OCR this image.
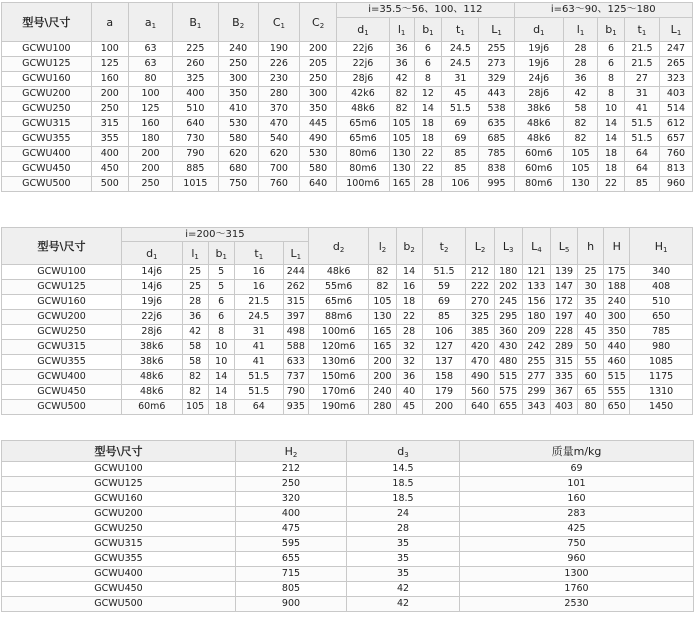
型号\尺寸	a	$a_1$	$B_1$	$B_2$	$C_1$	$C_2$	i=35.5～56、100、112					i=63～90、125～180				
							$d_1$	$l_1$	$b_1$	$t_1$	$L_1$	$d_1$	$l_1$	$b_1$	$t_1$	$L_1$
GCWU100	100	63	225	240	190	200	22j6	36	6	24.5	255	19j6	28	6	21.5	247
GCWU125	125	63	260	250	226	205	22j6	36	6	24.5	273	19j6	28	6	21.5	265
GCWU160	160	80	325	300	230	250	28j6	42	8	31	329	24j6	36	8	27	323
GCWU200	200	100	400	350	280	300	42k6	82	12	45	443	28j6	42	8	31	403
GCWU250	250	125	510	410	370	350	48k6	82	14	51.5	538	38k6	58	10	41	514
GCWU315	315	160	640	530	470	445	65m6	105	18	69	635	48k6	82	14	51.5	612
GCWU355	355	180	730	580	540	490	65m6	105	18	69	685	48k6	82	14	51.5	657
GCWU400	400	200	790	620	620	530	80m6	130	22	85	785	60m6	105	18	64	760
GCWU450	450	200	885	680	700	580	80m6	130	22	85	838	60m6	105	18	64	813
GCWU500	500	250	1015	750	760	640	100m6	165	28	106	995	80m6	130	22	85	960
型号\尺寸	i=200～315					$d_2$	$l_2$	$b_2$	$t_2$	$L_2$	$L_3$	$L_4$	$L_5$	h	H	$H_1$
	$d_1$	$l_1$	$b_1$	$t_1$	$L_1$
GCWU100	14j6	25	5	16	244	48k6	82	14	51.5	212	180	121	139	25	175	340
GCWU125	14j6	25	5	16	262	55m6	82	16	59	222	202	133	147	30	188	408
GCWU160	19j6	28	6	21.5	315	65m6	105	18	69	270	245	156	172	35	240	510
GCWU200	22j6	36	6	24.5	397	88m6	130	22	85	325	295	180	197	40	300	650
GCWU250	28j6	42	8	31	498	100m6	165	28	106	385	360	209	228	45	350	785
GCWU315	38k6	58	10	41	588	120m6	165	32	127	420	430	242	289	50	440	980
GCWU355	38k6	58	10	41	633	130m6	200	32	137	470	480	255	315	55	460	1085
GCWU400	48k6	82	14	51.5	737	150m6	200	36	158	490	515	277	335	60	515	1175
GCWU450	48k6	82	14	51.5	790	170m6	240	40	179	560	575	299	367	65	555	1310
GCWU500	60m6	105	18	64	935	190m6	280	45	200	640	655	343	403	80	650	1450
型号\尺寸	$H_2$	$d_3$	质量m/kg
GCWU100	212	14.5	69
GCWU125	250	18.5	101
GCWU160	320	18.5	160
GCWU200	400	24	283
GCWU250	475	28	425
GCWU315	595	35	750
GCWU355	655	35	960
GCWU400	715	35	1300
GCWU450	805	42	1760
GCWU500	900	42	2530
